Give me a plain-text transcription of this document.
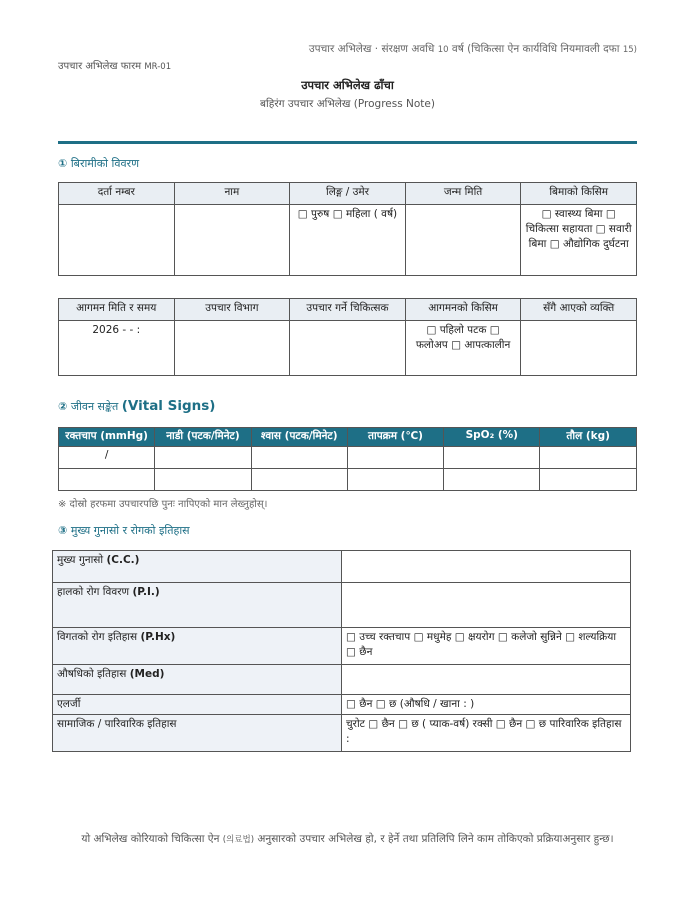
उपचार अभिलेख · संरक्षण अवधि 10 वर्ष (चिकित्सा ऐन कार्यविधि नियमावली दफा 15)
उपचार अभिलेख फारम MR-01
उपचार अभिलेख ढाँचा
बहिरंग उपचार अभिलेख (Progress Note)
① बिरामीको विवरण
दर्ता नम्बर	नाम	लिङ्ग / उमेर	जन्म मिति	बिमाको किसिम
		□ पुरुष □ महिला ( वर्ष)		□ स्वास्थ्य बिमा □ चिकित्सा सहायता □ सवारी बिमा □ औद्योगिक दुर्घटना
आगमन मिति र समय	उपचार विभाग	उपचार गर्ने चिकित्सक	आगमनको किसिम	सँगै आएको व्यक्ति
2026 - - :			□ पहिलो पटक □ फलोअप □ आपत्कालीन	
② जीवन सङ्केत (Vital Signs)
रक्तचाप (mmHg)	नाडी (पटक/मिनेट)	श्वास (पटक/मिनेट)	तापक्रम (℃)	SpO₂ (%)	तौल (kg)
/					

※ दोस्रो हरफमा उपचारपछि पुनः नापिएको मान लेख्नुहोस्।
③ मुख्य गुनासो र रोगको इतिहास
मुख्य गुनासो (C.C.)	
हालको रोग विवरण (P.I.)	
विगतको रोग इतिहास (P.Hx)	□ उच्च रक्तचाप □ मधुमेह □ क्षयरोग □ कलेजो सुन्निने □ शल्यक्रिया □ छैन
औषधिको इतिहास (Med)	
एलर्जी	□ छैन □ छ (औषधि / खाना : )
सामाजिक / पारिवारिक इतिहास	चुरोट □ छैन □ छ ( प्याक-वर्ष) रक्सी □ छैन □ छ पारिवारिक इतिहास :
यो अभिलेख कोरियाको चिकित्सा ऐन (의료법) अनुसारको उपचार अभिलेख हो, र हेर्ने तथा प्रतिलिपि लिने काम तोकिएको प्रक्रियाअनुसार हुन्छ।
